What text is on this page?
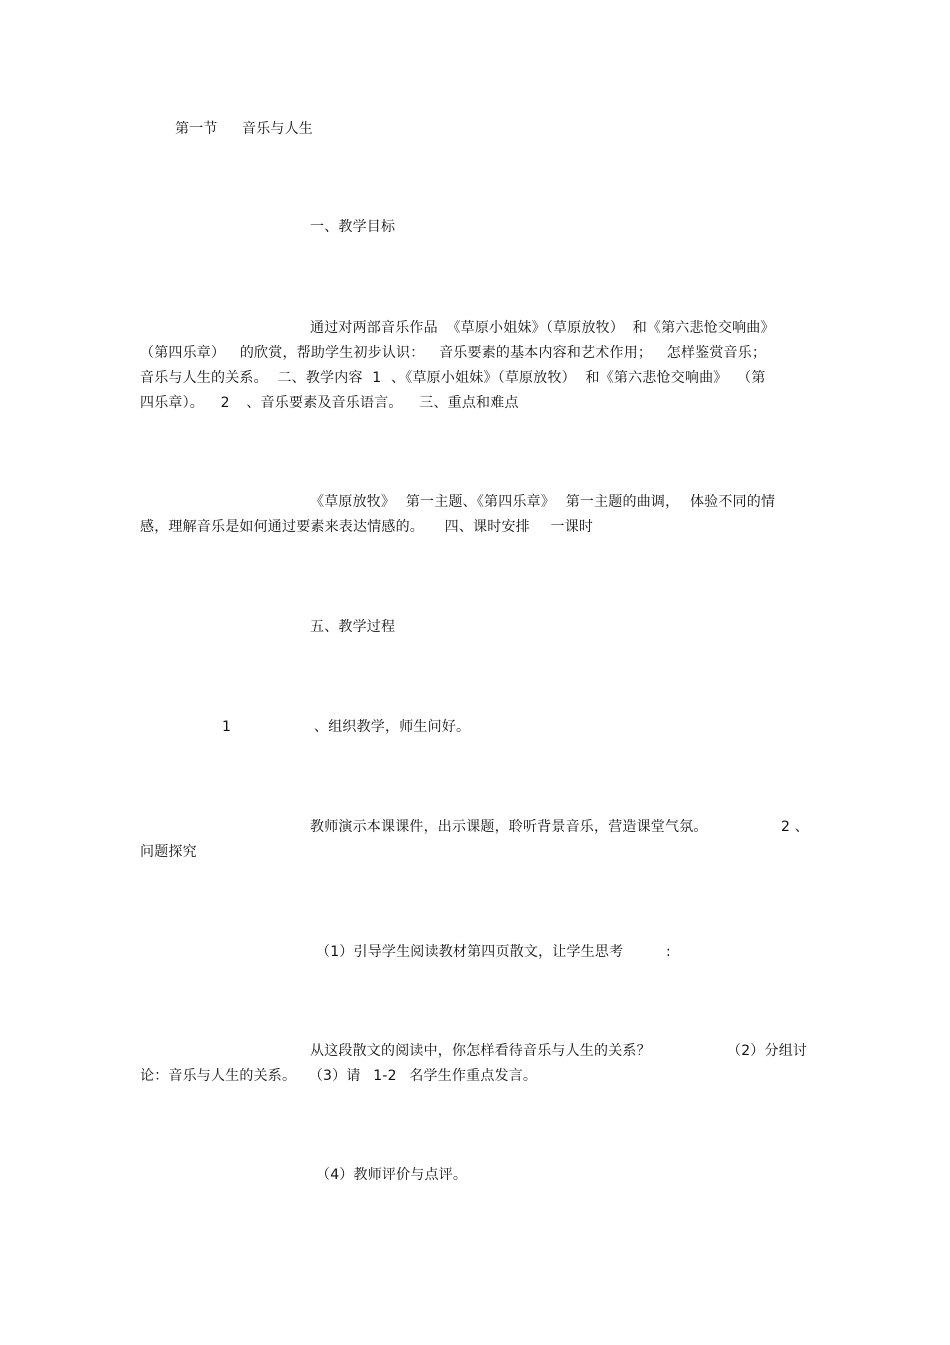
第一节 音乐与人生
一、教学目标
通过对两部音乐作品 《草原小姐妹》（草原放牧） 和《第六悲怆交响曲》
（第四乐章） 的欣赏，帮助学生初步认识： 音乐要素的基本内容和艺术作用； 怎样鉴赏音乐；
音乐与人生的关系。 二、教学内容 1 、《草原小姐妹》（草原放牧） 和《第六悲怆交响曲》 （第
四乐章）。 2 、音乐要素及音乐语言。 三、重点和难点
《草原放牧》 第一主题、《第四乐章》 第一主题的曲调， 体验不同的情
感，理解音乐是如何通过要素来表达情感的。 四、课时安排 一课时
五、教学过程
1	、组织教学，师生问好。
教师演示本课课件，出示课题，聆听背景音乐，营造课堂气氛。	2 、
问题探究
（1）引导学生阅读教材第四页散文，让学生思考	:
从这段散文的阅读中，你怎样看待音乐与人生的关系？	（2）分组讨
论：音乐与人生的关系。 （3）请 1-2 名学生作重点发言。
（4）教师评价与点评。
